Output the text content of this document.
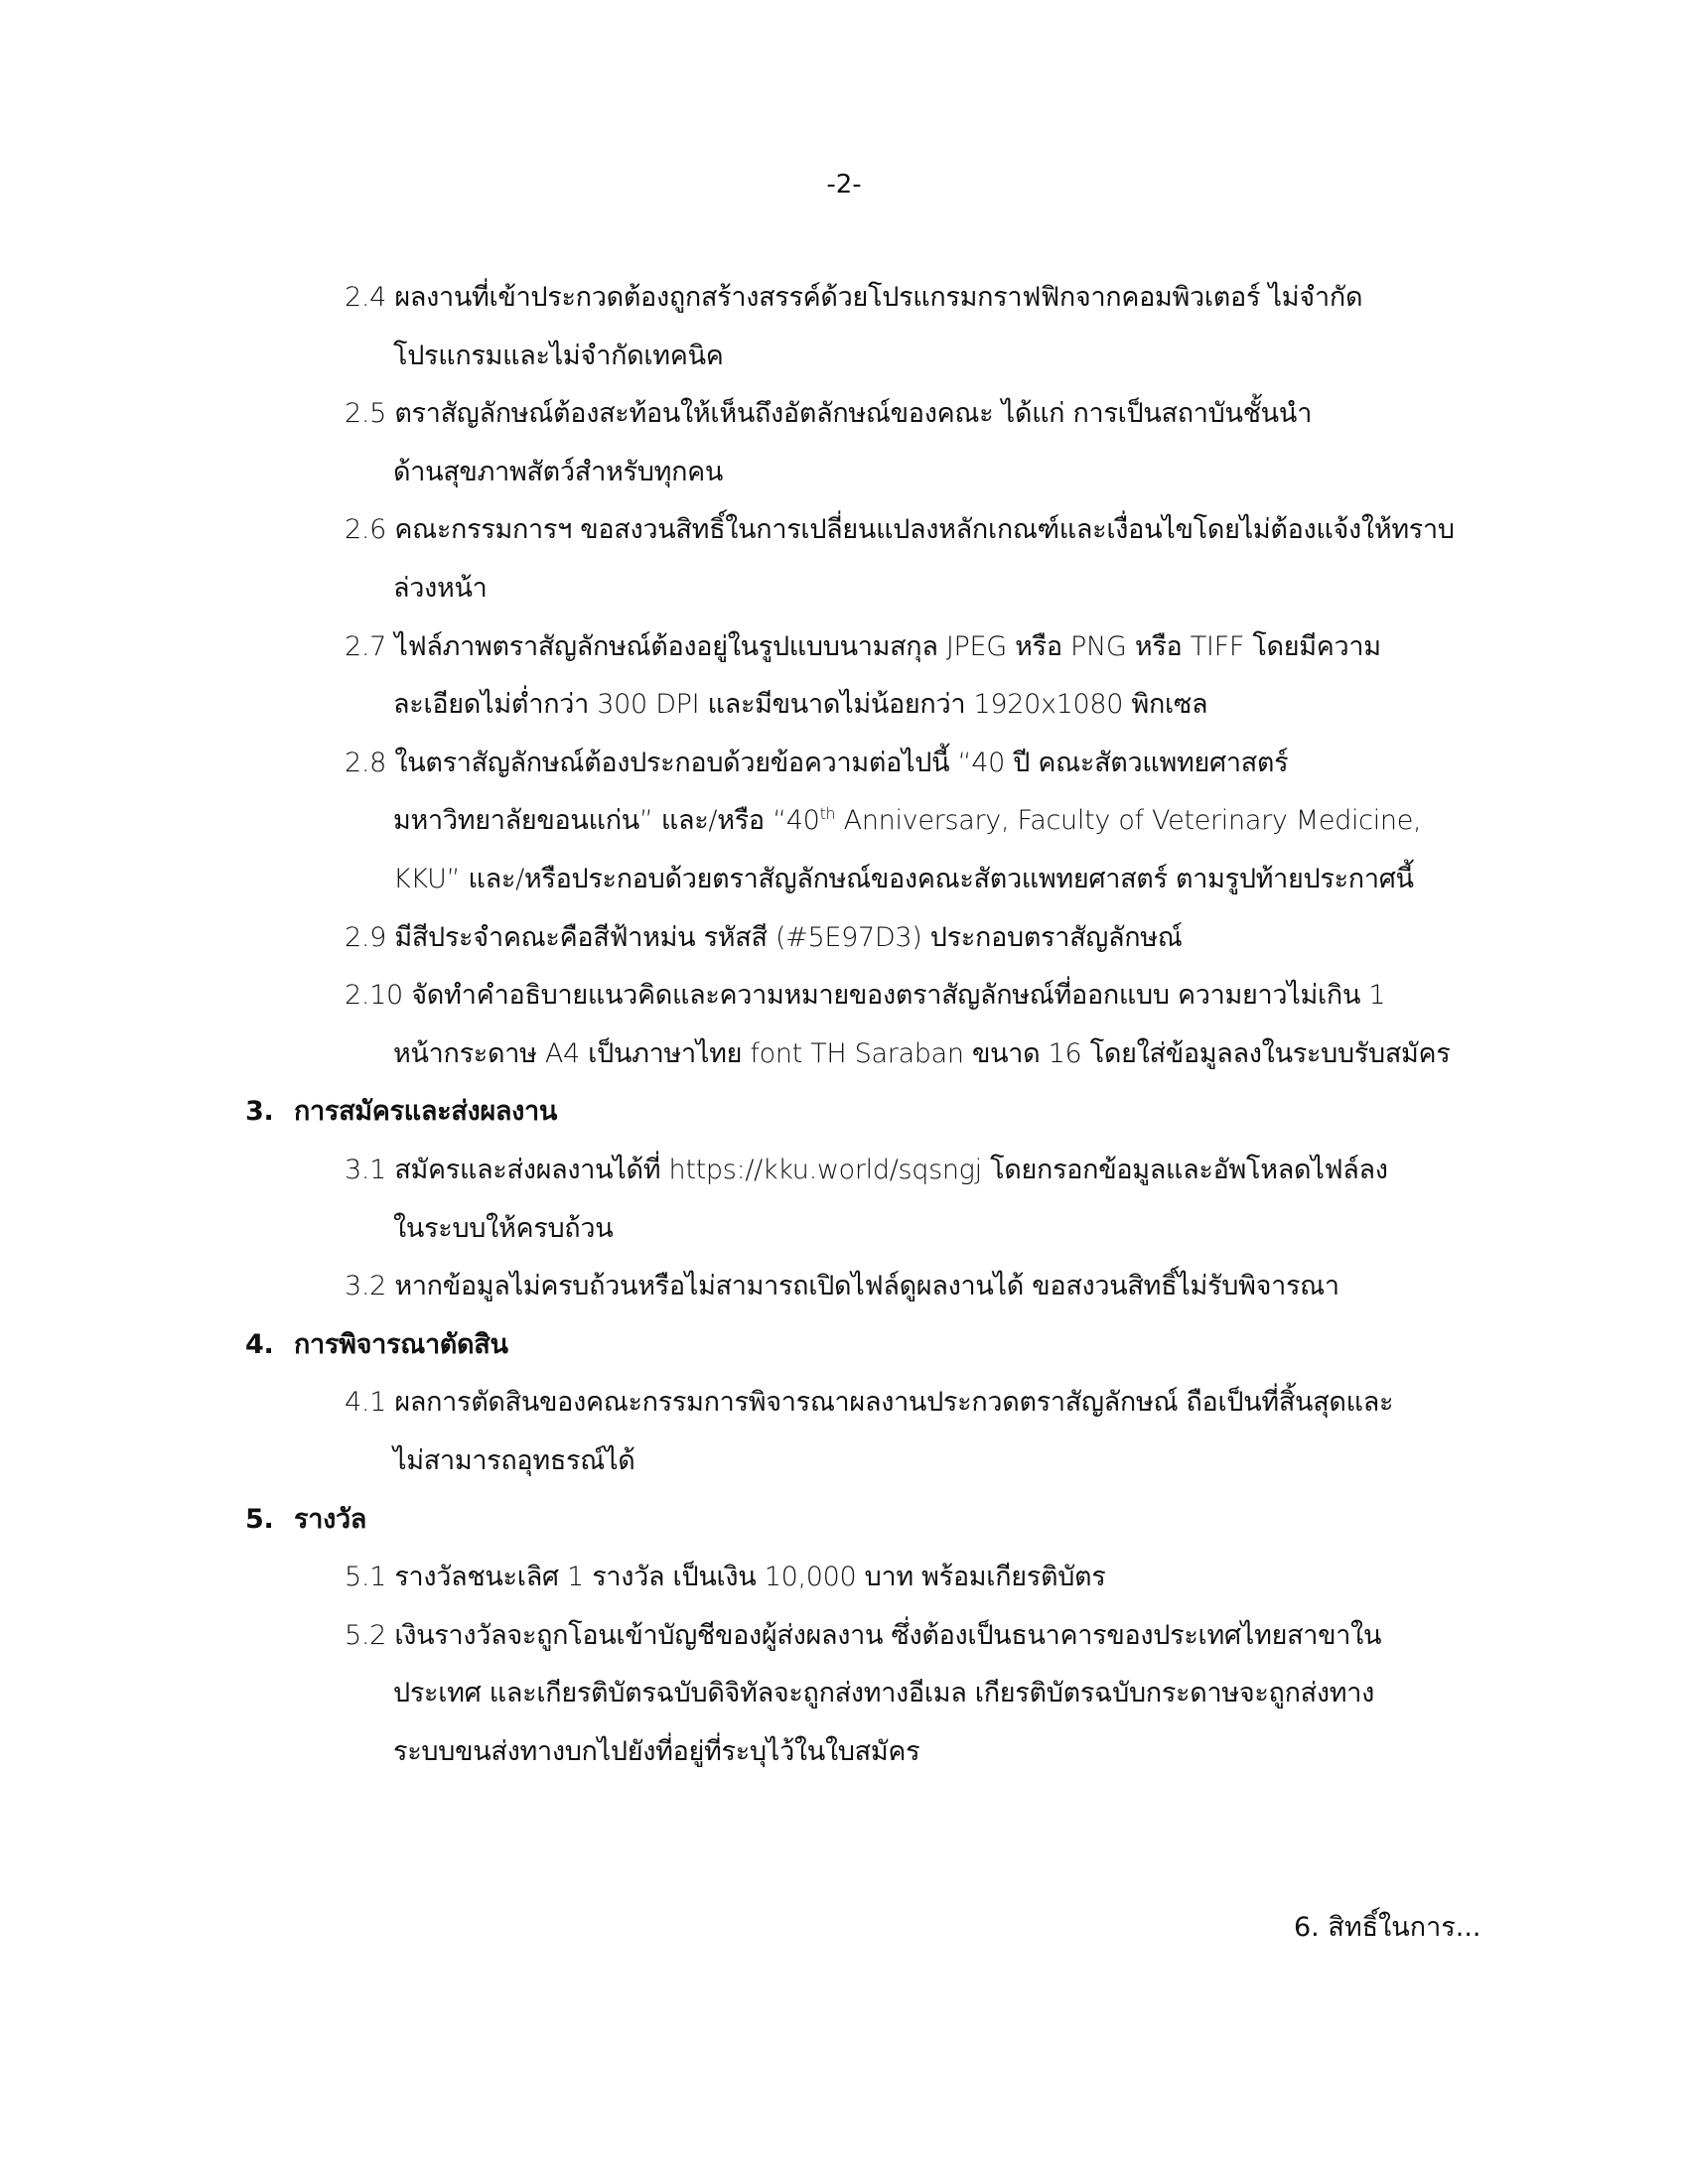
-2-
2.4 ผลงานที่เข้าประกวดต้องถูกสร้างสรรค์ด้วยโปรแกรมกราฟฟิกจากคอมพิวเตอร์ ไม่จำกัด
โปรแกรมและไม่จำกัดเทคนิค
2.5 ตราสัญลักษณ์ต้องสะท้อนให้เห็นถึงอัตลักษณ์ของคณะ ได้แก่ การเป็นสถาบันชั้นนำ
ด้านสุขภาพสัตว์สำหรับทุกคน
2.6 คณะกรรมการฯ ขอสงวนสิทธิ์ในการเปลี่ยนแปลงหลักเกณฑ์และเงื่อนไขโดยไม่ต้องแจ้งให้ทราบ
ล่วงหน้า
2.7 ไฟล์ภาพตราสัญลักษณ์ต้องอยู่ในรูปแบบนามสกุล JPEG หรือ PNG หรือ TIFF โดยมีความ
ละเอียดไม่ต่ำกว่า 300 DPI และมีขนาดไม่น้อยกว่า 1920x1080 พิกเซล
2.8 ในตราสัญลักษณ์ต้องประกอบด้วยข้อความต่อไปนี้ “40 ปี คณะสัตวแพทยศาสตร์
มหาวิทยาลัยขอนแก่น” และ/หรือ “40th Anniversary, Faculty of Veterinary Medicine,
KKU” และ/หรือประกอบด้วยตราสัญลักษณ์ของคณะสัตวแพทยศาสตร์ ตามรูปท้ายประกาศนี้
2.9 มีสีประจำคณะคือสีฟ้าหม่น รหัสสี (#5E97D3) ประกอบตราสัญลักษณ์
2.10 จัดทำคำอธิบายแนวคิดและความหมายของตราสัญลักษณ์ที่ออกแบบ ความยาวไม่เกิน 1
หน้ากระดาษ A4 เป็นภาษาไทย font TH Saraban ขนาด 16 โดยใส่ข้อมูลลงในระบบรับสมัคร
3. การสมัครและส่งผลงาน
3.1 สมัครและส่งผลงานได้ที่ https://kku.world/sqsngj โดยกรอกข้อมูลและอัพโหลดไฟล์ลง
ในระบบให้ครบถ้วน
3.2 หากข้อมูลไม่ครบถ้วนหรือไม่สามารถเปิดไฟล์ดูผลงานได้ ขอสงวนสิทธิ์ไม่รับพิจารณา
4. การพิจารณาตัดสิน
4.1 ผลการตัดสินของคณะกรรมการพิจารณาผลงานประกวดตราสัญลักษณ์ ถือเป็นที่สิ้นสุดและ
ไม่สามารถอุทธรณ์ได้
5. รางวัล
5.1 รางวัลชนะเลิศ 1 รางวัล เป็นเงิน 10,000 บาท พร้อมเกียรติบัตร
5.2 เงินรางวัลจะถูกโอนเข้าบัญชีของผู้ส่งผลงาน ซึ่งต้องเป็นธนาคารของประเทศไทยสาขาใน
ประเทศ และเกียรติบัตรฉบับดิจิทัลจะถูกส่งทางอีเมล เกียรติบัตรฉบับกระดาษจะถูกส่งทาง
ระบบขนส่งทางบกไปยังที่อยู่ที่ระบุไว้ในใบสมัคร
6. สิทธิ์ในการ...
